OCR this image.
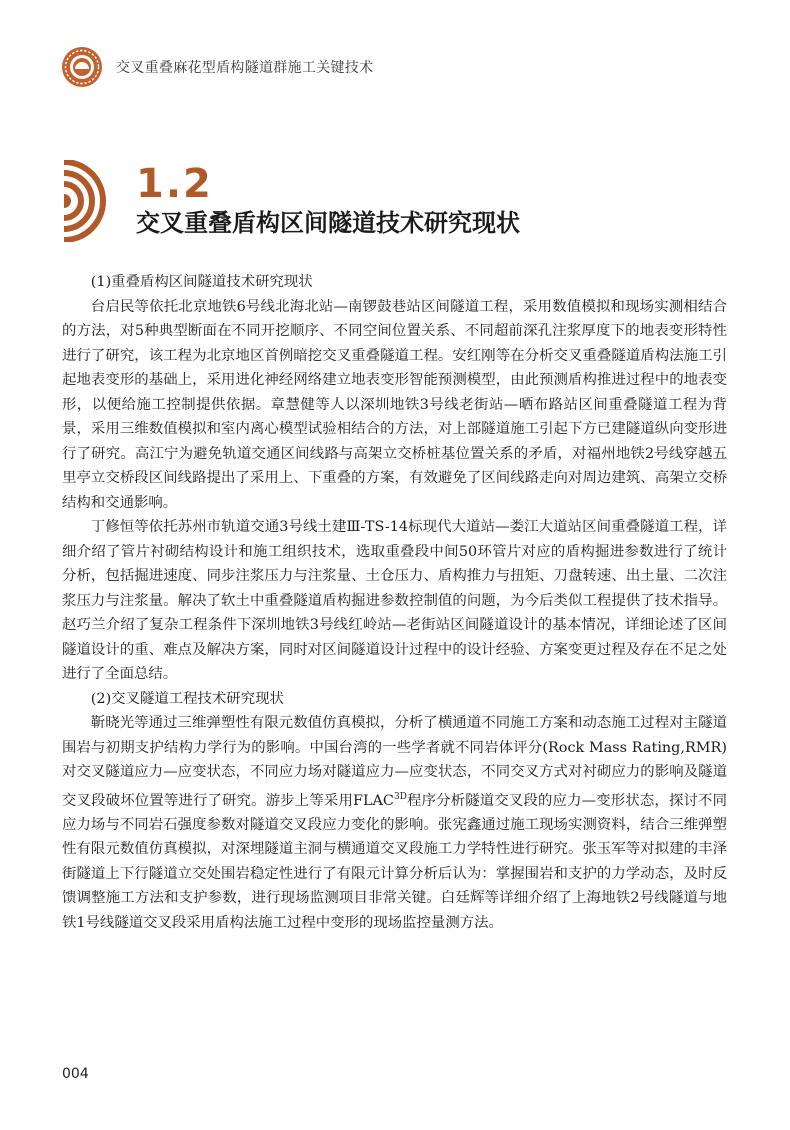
交叉重叠麻花型盾构隧道群施工关键技术
1.2
交叉重叠盾构区间隧道技术研究现状

(1)重叠盾构区间隧道技术研究现状

台启民等依托北京地铁6号线北海北站—南锣鼓巷站区间隧道工程，采用数值模拟和现场实测相结合的方法，对5种典型断面在不同开挖顺序、不同空间位置关系、不同超前深孔注浆厚度下的地表变形特性进行了研究，该工程为北京地区首例暗挖交叉重叠隧道工程。安红刚等在分析交叉重叠隧道盾构法施工引起地表变形的基础上，采用进化神经网络建立地表变形智能预测模型，由此预测盾构推进过程中的地表变形，以便给施工控制提供依据。章慧健等人以深圳地铁3号线老街站—晒布路站区间重叠隧道工程为背景，采用三维数值模拟和室内离心模型试验相结合的方法，对上部隧道施工引起下方已建隧道纵向变形进行了研究。高江宁为避免轨道交通区间线路与高架立交桥桩基位置关系的矛盾，对福州地铁2号线穿越五里亭立交桥段区间线路提出了采用上、下重叠的方案，有效避免了区间线路走向对周边建筑、高架立交桥结构和交通影响。

丁修恒等依托苏州市轨道交通3号线土建Ⅲ-TS-14标现代大道站—娄江大道站区间重叠隧道工程，详细介绍了管片衬砌结构设计和施工组织技术，选取重叠段中间50环管片对应的盾构掘进参数进行了统计分析，包括掘进速度、同步注浆压力与注浆量、土仓压力、盾构推力与扭矩、刀盘转速、出土量、二次注浆压力与注浆量。解决了软土中重叠隧道盾构掘进参数控制值的问题，为今后类似工程提供了技术指导。赵巧兰介绍了复杂工程条件下深圳地铁3号线红岭站—老街站区间隧道设计的基本情况，详细论述了区间隧道设计的重、难点及解决方案，同时对区间隧道设计过程中的设计经验、方案变更过程及存在不足之处进行了全面总结。

(2)交叉隧道工程技术研究现状

靳晓光等通过三维弹塑性有限元数值仿真模拟，分析了横通道不同施工方案和动态施工过程对主隧道围岩与初期支护结构力学行为的影响。中国台湾的一些学者就不同岩体评分(Rock Mass Rating,RMR)对交叉隧道应力—应变状态，不同应力场对隧道应力—应变状态，不同交叉方式对衬砌应力的影响及隧道交叉段破坏位置等进行了研究。游步上等采用$FLAC^{3D}$程序分析隧道交叉段的应力—变形状态，探讨不同应力场与不同岩石强度参数对隧道交叉段应力变化的影响。张宪鑫通过施工现场实测资料，结合三维弹塑性有限元数值仿真模拟，对深埋隧道主洞与横通道交叉段施工力学特性进行研究。张玉军等对拟建的丰泽街隧道上下行隧道立交处围岩稳定性进行了有限元计算分析后认为：掌握围岩和支护的力学动态，及时反馈调整施工方法和支护参数，进行现场监测项目非常关键。白廷辉等详细介绍了上海地铁2号线隧道与地铁1号线隧道交叉段采用盾构法施工过程中变形的现场监控量测方法。

004
